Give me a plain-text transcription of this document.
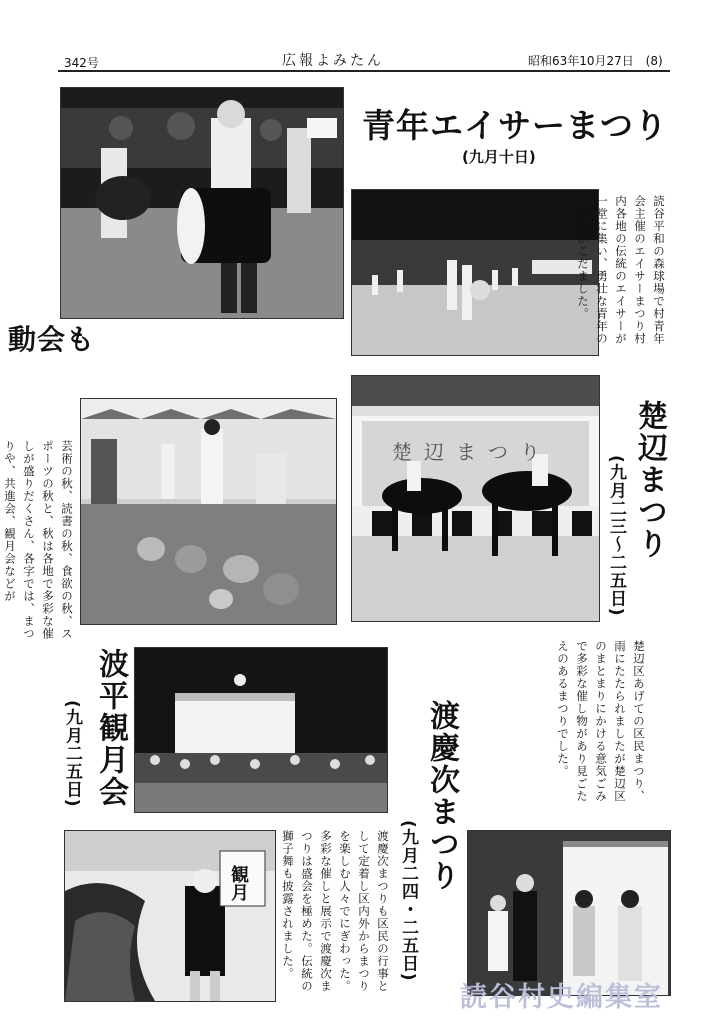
342号	広報よみたん	昭和63年10月27日 (8)
青年エイサーまつり
(九月十日)
読谷平和の森球場で村青年会主催のエイサーまつり村内各地の伝統のエイサーが一堂に集い、勇壮な青年のいぶきがこだました。
動会も
芸術の秋、読書の秋、食欲の秋、スポーツの秋と、秋は各地で多彩な催しが盛りだくさん、各字では、まつりや、共進会、観月会などが	楚辺まつり	楚辺まつり
(九月二三〜二五日)
楚辺区あげての区民まつり、雨にたたられましたが楚辺区のまとまりにかける意気ごみで多彩な催し物があり見ごたえのあるまつりでした。
波平観月会
(九月二五日)	渡慶次まつり
(九月二四・二五日)
渡慶次まつりも区民の行事として定着し区内外からまつりを楽しむ人々でにぎわった。多彩な催しと展示で渡慶次まつりは盛会を極めた。伝統の獅子舞も披露されました。
観月
読谷村史編集室
